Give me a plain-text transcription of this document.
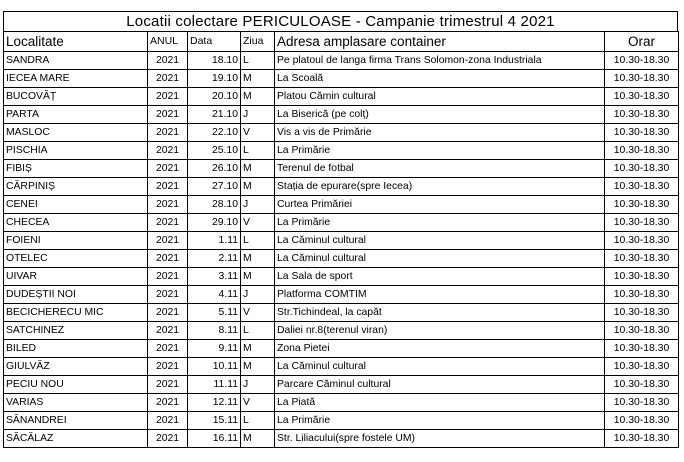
Locatii colectare PERICULOASE - Campanie trimestrul 4 2021
Localitate	ANUL	Data	Ziua	Adresa amplasare container	Orar
SANDRA	2021	18.10	L	Pe platoul de langa firma Trans Solomon-zona Industriala	10.30-18.30
IECEA MARE	2021	19.10	M	La Scoală	10.30-18.30
BUCOVĂȚ	2021	20.10	M	Platou Cămin cultural	10.30-18.30
PARTA	2021	21.10	J	La Biserică (pe colț)	10.30-18.30
MASLOC	2021	22.10	V	Vis a vis de Primărie	10.30-18.30
PISCHIA	2021	25.10	L	La Primărie	10.30-18.30
FIBIȘ	2021	26.10	M	Terenul de fotbal	10.30-18.30
CĂRPINIȘ	2021	27.10	M	Stația de epurare(spre Iecea)	10.30-18.30
CENEI	2021	28.10	J	Curtea Primăriei	10.30-18.30
CHECEA	2021	29.10	V	La Primărie	10.30-18.30
FOIENI	2021	1.11	L	La Căminul cultural	10.30-18.30
OTELEC	2021	2.11	M	La Căminul cultural	10.30-18.30
UIVAR	2021	3.11	M	La Sala de sport	10.30-18.30
DUDEȘTII NOI	2021	4.11	J	Platforma COMTIM	10.30-18.30
BECICHERECU MIC	2021	5.11	V	Str.Tichindeal, la capăt	10.30-18.30
SATCHINEZ	2021	8.11	L	Daliei nr.8(terenul viran)	10.30-18.30
BILED	2021	9.11	M	Zona Pietei	10.30-18.30
GIULVĂZ	2021	10.11	M	La Căminul cultural	10.30-18.30
PECIU NOU	2021	11.11	J	Parcare Căminul cultural	10.30-18.30
VARIAS	2021	12.11	V	La Piată	10.30-18.30
SÂNANDREI	2021	15.11	L	La Primărie	10.30-18.30
SĂCĂLAZ	2021	16.11	M	Str. Liliacului(spre fostele UM)	10.30-18.30
